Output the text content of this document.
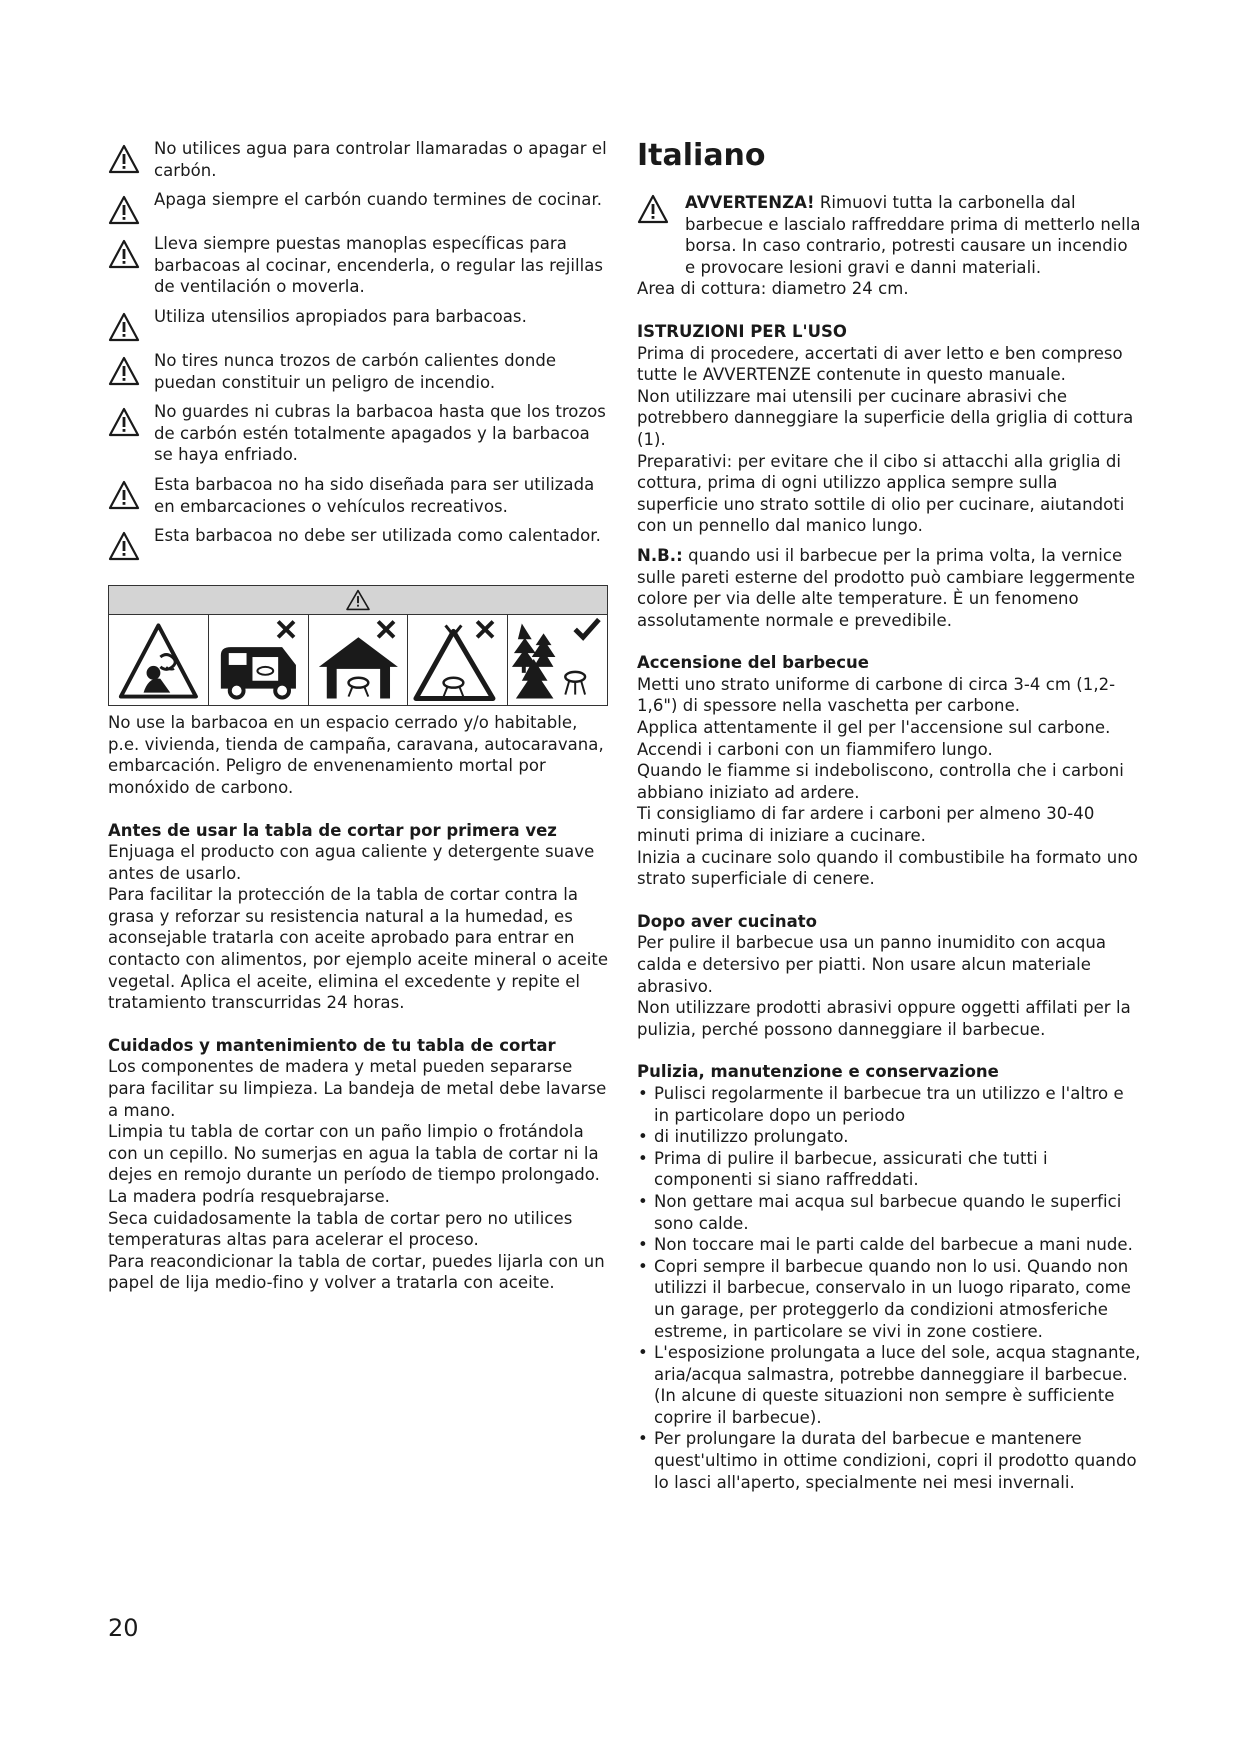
No utilices agua para controlar llamaradas o apagar el carbón.

Apaga siempre el carbón cuando termines de cocinar.

Lleva siempre puestas manoplas específicas para barbacoas al cocinar, encenderla, o regular las rejillas de ventilación o moverla.

Utiliza utensilios apropiados para barbacoas.

No tires nunca trozos de carbón calientes donde puedan constituir un peligro de incendio.

No guardes ni cubras la barbacoa hasta que los trozos de carbón estén totalmente apagados y la barbacoa se haya enfriado.

Esta barbacoa no ha sido diseñada para ser utilizada en embarcaciones o vehículos recreativos.

Esta barbacoa no debe ser utilizada como calentador.

No use la barbacoa en un espacio cerrado y/o habitable, p.e. vivienda, tienda de campaña, caravana, autocaravana, embarcación. Peligro de envenenamiento mortal por monóxido de carbono.

Antes de usar la tabla de cortar por primera vez

Enjuaga el producto con agua caliente y detergente suave antes de usarlo.

Para facilitar la protección de la tabla de cortar contra la grasa y reforzar su resistencia natural a la humedad, es aconsejable tratarla con aceite aprobado para entrar en contacto con alimentos, por ejemplo aceite mineral o aceite vegetal. Aplica el aceite, elimina el excedente y repite el tratamiento transcurridas 24 horas.

Cuidados y mantenimiento de tu tabla de cortar

Los componentes de madera y metal pueden separarse para facilitar su limpieza. La bandeja de metal debe lavarse a mano.

Limpia tu tabla de cortar con un paño limpio o frotándola con un cepillo. No sumerjas en agua la tabla de cortar ni la dejes en remojo durante un período de tiempo prolongado. La madera podría resquebrajarse.

Seca cuidadosamente la tabla de cortar pero no utilices temperaturas altas para acelerar el proceso.

Para reacondicionar la tabla de cortar, puedes lijarla con un papel de lija medio-fino y volver a tratarla con aceite.

Italiano

AVVERTENZA! Rimuovi tutta la carbonella dal barbecue e lascialo raffreddare prima di metterlo nella borsa. In caso contrario, potresti causare un incendio e provocare lesioni gravi e danni materiali.

Area di cottura: diametro 24 cm.

ISTRUZIONI PER L'USO

Prima di procedere, accertati di aver letto e ben compreso tutte le AVVERTENZE contenute in questo manuale.

Non utilizzare mai utensili per cucinare abrasivi che potrebbero danneggiare la superficie della griglia di cottura (1).

Preparativi: per evitare che il cibo si attacchi alla griglia di cottura, prima di ogni utilizzo applica sempre sulla superficie uno strato sottile di olio per cucinare, aiutandoti con un pennello dal manico lungo.

N.B.: quando usi il barbecue per la prima volta, la vernice sulle pareti esterne del prodotto può cambiare leggermente colore per via delle alte temperature. È un fenomeno assolutamente normale e prevedibile.

Accensione del barbecue

Metti uno strato uniforme di carbone di circa 3-4 cm (1,2-1,6") di spessore nella vaschetta per carbone.

Applica attentamente il gel per l'accensione sul carbone.

Accendi i carboni con un fiammifero lungo.

Quando le fiamme si indeboliscono, controlla che i carboni abbiano iniziato ad ardere.

Ti consigliamo di far ardere i carboni per almeno 30-40 minuti prima di iniziare a cucinare.

Inizia a cucinare solo quando il combustibile ha formato uno strato superficiale di cenere.

Dopo aver cucinato

Per pulire il barbecue usa un panno inumidito con acqua calda e detersivo per piatti. Non usare alcun materiale abrasivo.

Non utilizzare prodotti abrasivi oppure oggetti affilati per la pulizia, perché possono danneggiare il barbecue.

Pulizia, manutenzione e conservazione
• Pulisci regolarmente il barbecue tra un utilizzo e l'altro e in particolare dopo un periodo
• di inutilizzo prolungato.
• Prima di pulire il barbecue, assicurati che tutti i componenti si siano raffreddati.
• Non gettare mai acqua sul barbecue quando le superfici sono calde.
• Non toccare mai le parti calde del barbecue a mani nude.
• Copri sempre il barbecue quando non lo usi. Quando non utilizzi il barbecue, conservalo in un luogo riparato, come un garage, per proteggerlo da condizioni atmosferiche estreme, in particolare se vivi in zone costiere.
• L'esposizione prolungata a luce del sole, acqua stagnante, aria/acqua salmastra, potrebbe danneggiare il barbecue. (In alcune di queste situazioni non sempre è sufficiente coprire il barbecue).
• Per prolungare la durata del barbecue e mantenere quest'ultimo in ottime condizioni, copri il prodotto quando lo lasci all'aperto, specialmente nei mesi invernali.
20
